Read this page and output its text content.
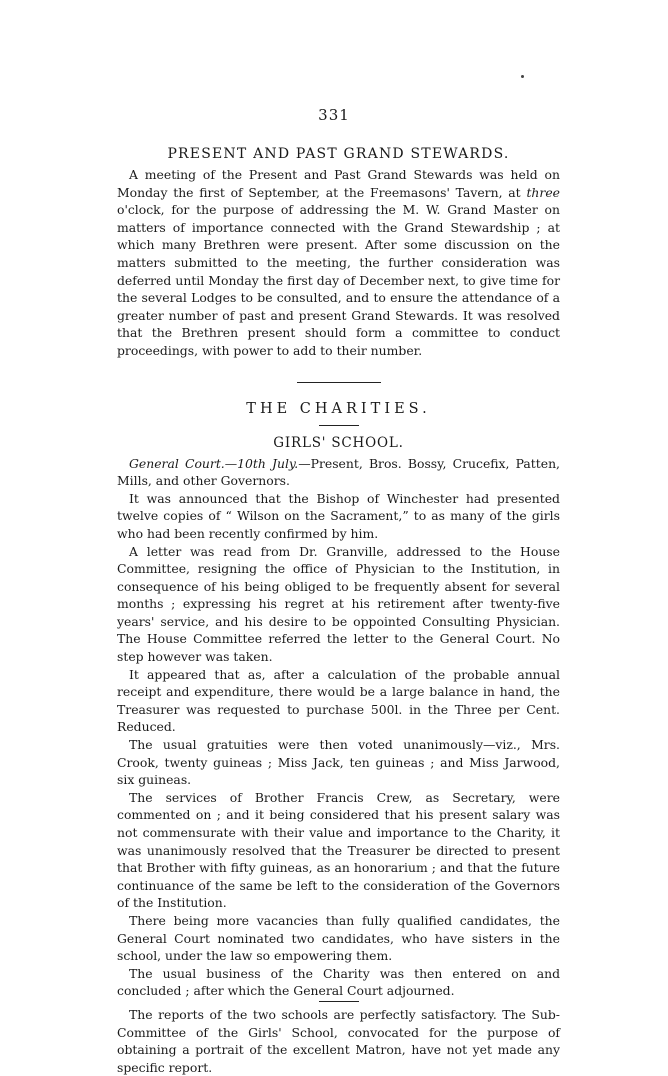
331
PRESENT AND PAST GRAND STEWARDS.

A meeting of the Present and Past Grand Stewards was held on Monday the first of September, at the Freemasons' Tavern, at three o'clock, for the purpose of addressing the M. W. Grand Master on matters of importance connected with the Grand Stewardship ; at which many Brethren were present. After some discussion on the matters submitted to the meeting, the further consideration was deferred until Monday the first day of December next, to give time for the several Lodges to be consulted, and to ensure the attendance of a greater number of past and present Grand Stewards. It was resolved that the Brethren present should form a committee to conduct proceedings, with power to add to their number.

THE CHARITIES.
GIRLS' SCHOOL.

General Court.—10th July.—Present, Bros. Bossy, Crucefix, Patten, Mills, and other Governors.

It was announced that the Bishop of Winchester had presented twelve copies of “ Wilson on the Sacrament,” to as many of the girls who had been recently confirmed by him.

A letter was read from Dr. Granville, addressed to the House Committee, resigning the office of Physician to the Institution, in consequence of his being obliged to be frequently absent for several months ; expressing his regret at his retirement after twenty-five years' service, and his desire to be oppointed Consulting Physician. The House Committee referred the letter to the General Court. No step however was taken.

It appeared that as, after a calculation of the probable annual receipt and expenditure, there would be a large balance in hand, the Treasurer was requested to purchase 500l. in the Three per Cent. Reduced.

The usual gratuities were then voted unanimously—viz., Mrs. Crook, twenty guineas ; Miss Jack, ten guineas ; and Miss Jarwood, six guineas.

The services of Brother Francis Crew, as Secretary, were commented on ; and it being considered that his present salary was not commensurate with their value and importance to the Charity, it was unanimously resolved that the Treasurer be directed to present that Brother with fifty guineas, as an honorarium ; and that the future continuance of the same be left to the consideration of the Governors of the Institution.

There being more vacancies than fully qualified candidates, the General Court nominated two candidates, who have sisters in the school, under the law so empowering them.

The usual business of the Charity was then entered on and concluded ; after which the General Court adjourned.

The reports of the two schools are perfectly satisfactory. The Sub-Committee of the Girls' School, convocated for the purpose of obtaining a portrait of the excellent Matron, have not yet made any specific report.
